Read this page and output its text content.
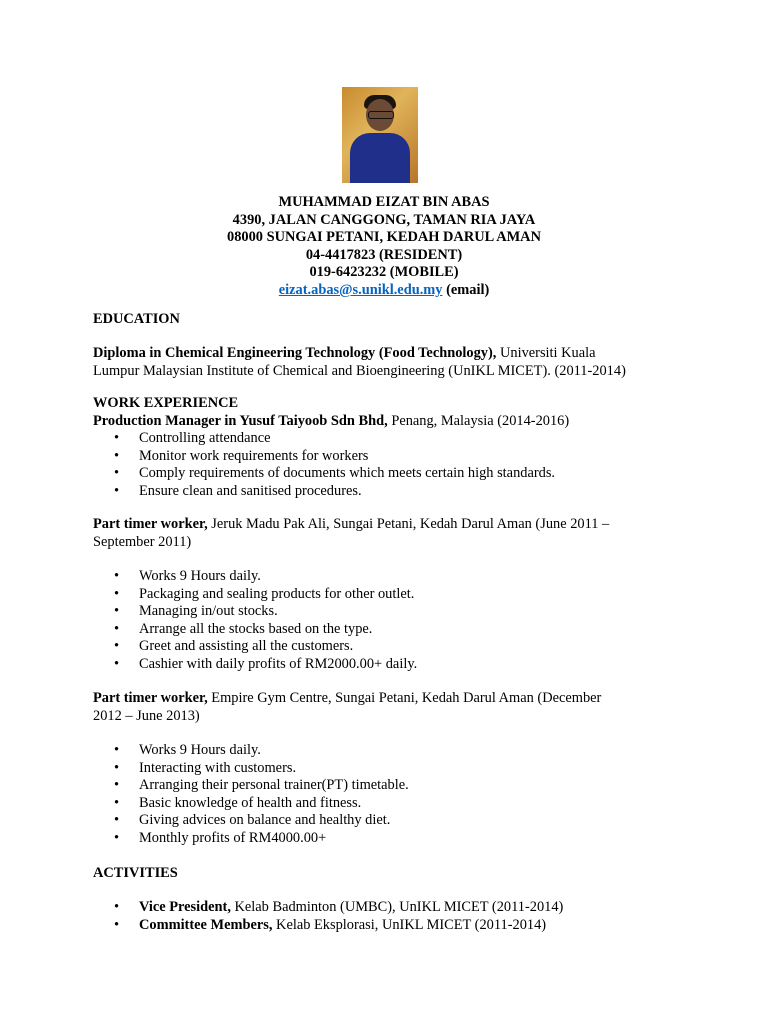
MUHAMMAD EIZAT BIN ABAS
4390, JALAN CANGGONG, TAMAN RIA JAYA
08000 SUNGAI PETANI, KEDAH DARUL AMAN
04-4417823 (RESIDENT)
019-6423232 (MOBILE)
eizat.abas@s.unikl.edu.my (email)
EDUCATION
Diploma in Chemical Engineering Technology (Food Technology), Universiti Kuala
Lumpur Malaysian Institute of Chemical and Bioengineering (UnIKL MICET). (2011-2014)
WORK EXPERIENCE
Production Manager in Yusuf Taiyoob Sdn Bhd, Penang, Malaysia (2014-2016)
• Controlling attendance
• Monitor work requirements for workers
• Comply requirements of documents which meets certain high standards.
• Ensure clean and sanitised procedures.
Part timer worker, Jeruk Madu Pak Ali, Sungai Petani, Kedah Darul Aman (June 2011 –
September 2011)
• Works 9 Hours daily.
• Packaging and sealing products for other outlet.
• Managing in/out stocks.
• Arrange all the stocks based on the type.
• Greet and assisting all the customers.
• Cashier with daily profits of RM2000.00+ daily.
Part timer worker, Empire Gym Centre, Sungai Petani, Kedah Darul Aman (December
2012 – June 2013)
• Works 9 Hours daily.
• Interacting with customers.
• Arranging their personal trainer(PT) timetable.
• Basic knowledge of health and fitness.
• Giving advices on balance and healthy diet.
• Monthly profits of RM4000.00+
ACTIVITIES
• Vice President, Kelab Badminton (UMBC), UnIKL MICET (2011-2014)
• Committee Members, Kelab Eksplorasi, UnIKL MICET (2011-2014)
